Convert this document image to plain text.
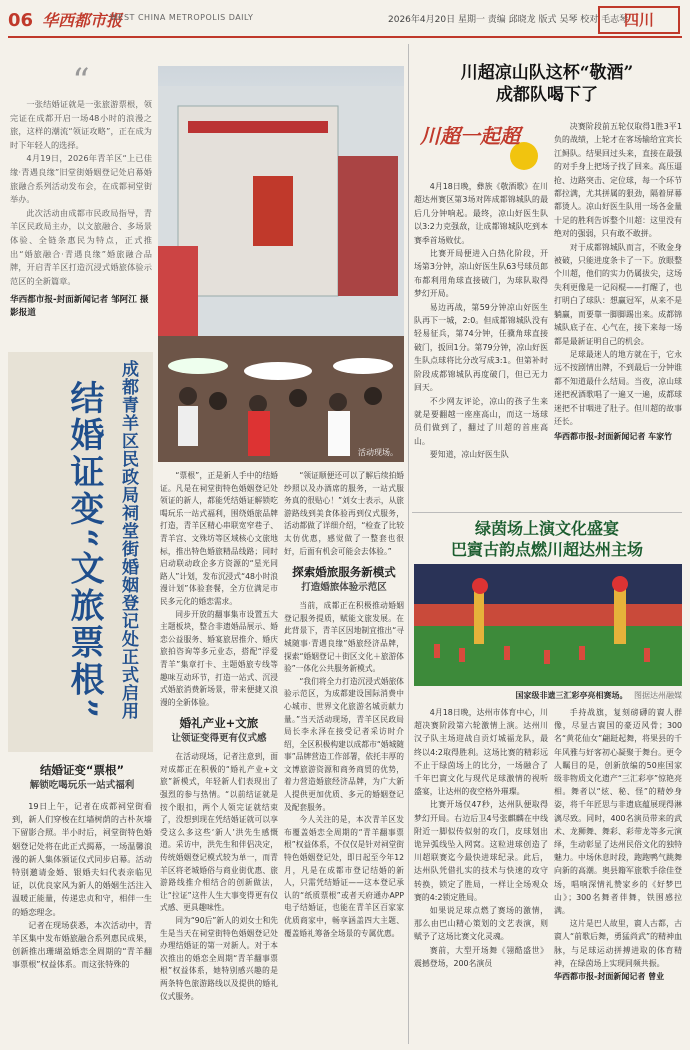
06 华西都市报
WEST CHINA METROPOLIS DAILY	2026年4月20日 星期一 责编 邱晓龙 版式 吴琴 校对 毛志琴
四川
“

一张结婚证就是一张旅游票根，领完证在成都开启一场48小时的浪漫之旅，这样的潮流“领证攻略”，正在成为时下年轻人的选择。

4月19日，2026年青羊区“上已佳缘·青遇良缘”旧堂街婚姻登记处启幕婚旅融合系列活动发布会，在成都祠堂街举办。

此次活动由成都市民政局指导，青羊区民政局主办，以文旅融合、多场景体验、全链条惠民为特点，正式推出“婚旅融合·青遇良缘”婚旅融合品牌，开启青羊区打造沉浸式婚旅体验示范区的全新篇章。

华西都市报-封面新闻记者 邹阿江 摄影报道
活动现场。
成都青羊区民政局祠堂街婚姻登记处正式启用
结婚证变“文旅票根”
结婚证变“票根”
解锁吃喝玩乐一站式福利

19日上午，记者在成都祠堂街看到，新人们穿梭在红墙树荫的古朴灰墙下留影合照。半小时后，祠堂街特色婚姻登记处将在此正式揭幕，一场温馨浪漫的新人集体颁证仪式同步启幕。活动特别邀请金婚、银婚夫妇代表亲临见证，以优良家风为新人的婚姻生活注入温暖正能量，传递忠贞和守，相伴一生的婚恋理念。

记者在现场获悉，本次活动中，青羊区集中发布婚旅融合系列惠民成果，创新推出珊瑚盈婚恋全周期的“青羊翻事票根”权益体系。而这张特殊的

“票根”，正是新人手中的结婚证。凡是在祠堂街特色婚姻登记处领证的新人，都能凭结婚证解锁吃喝玩乐一站式福利，围绕婚旅品牌打造，青羊区精心串联宽窄巷子、青羊宫、文殊坊等区域核心文旅地标，推出特色婚旅精品线路；同时启动联动政企多方资源的“星光同路人”计划，发布沉浸式“48小时浪漫计划”体验套餐，全方位满足市民多元化的婚恋需求。

同步开放的翻事集市设置五大主题板块，整合非遗婚品展示、婚恋公益服务、婚宴旅居推介、婚庆旅拍咨询等多元业态，搭配“浮爱青羊”集章打卡、主题婚旅专线等趣味互动环节，打造一站式、沉浸式婚旅消费新场景，带来便捷又浪漫的全新体验。

婚礼产业+文旅
让领证变得更有仪式感

在活动现场，记者注意到，面对成都正在积极的“婚礼产业+文旅”新模式，年轻新人们表现出了强烈的参与热情。“以前结证就是按个眼扣，两个人领完证就结束了，没想到现在凭结婚证就可以享受这么多这些‘新人’洪先生感慨道。采访中，洪先生和伴侣决定，传统婚姻登记模式较为单一，而青羊区将老城婚俗与商业街优惠、旅游路线推介相结合的创新做法，让“拉证”这件人生大事变得更有仪式感、更具趣味性。

同为“90后”新人的刘女士和先生是当天在祠堂街特色婚姻登记处办理结婚证的第一对新人。对于本次推出的婚恋全周期“青羊翻事票根”权益体系，她特别感兴趣的是两条特色旅游路线以及提供的婚礼仪式服务。

“领证顺便还可以了解后续拍婚纱照以及办酒席的服务，一站式服务真的很贴心！”刘女士表示，从旅游路线到美食体验再到仪式服务，活动都做了详细介绍，“检查了比较太仿优惠，感觉做了一整套也很好，后面有机会可能会去体验。”

探索婚旅服务新模式
打造婚旅体验示范区

当前，成都正在积极推动婚姻登记服务提质，赋能文旅发展。在此背景下，青羊区因地制宜推出“寻城随事·青遇良缘”婚旅经济品牌，探索“婚姻登记＋街区文化＋旅游体验”一体化公共服务新模式。

“我们将全力打造沉浸式婚旅体验示范区，为成都建设国际消费中心城市、世界文化旅游名城贡献力量。”当天活动现场，青羊区民政局局长李永泽在接受记者采访时介绍，全区积极构建以成都市“婚城随事”品牌营造工作部署，依托丰厚的文博旅游资源和商务商贸的优势，着力营造婚旅经济品牌，为广大新人提供更加优质、多元的婚姻登记及配套服务。

今人关注的是，本次青羊区发布覆盖婚恋全周期的“青羊翻事票根”权益体系，不仅仅是针对祠堂街特色婚姻登记处，即日起至今年12月，凡是在成都市登记结婚的新人，只需凭结婚证——这本登记承认的“纸质票根”或者天府通办APP电子结婚证，也能在青羊区百家家优质商家中，畅享涵盖四大主题、覆盖婚礼筹备全场景的专属优惠。

川超凉山队这杯“敬酒”
成都队喝下了
川超一起超

4月18日晚，彝族《敬酒歌》在川超达州赛区第3场对阵成都锦城队的最后几分钟响起。最终，凉山好医生队以3:2力克强敌，让成都锦城队吃到本赛季首场败仗。

比赛开局便进入白热化阶段，开场第3分钟，凉山好医生队63号球员郎布都利用角球直接破门，为球队取得梦幻开局。

易边再战，第59分钟凉山好医生队再下一城，2:0。但成都锦城队没有轻易征兵，第74分钟，任骥角球直接破门，扳回1分。第79分钟，凉山好医生队点球将比分改写成3:1。但第补时阶段成都锦城队再度破门，但已无力回天。

不少网友评论，凉山的孩子生来就是要翻越一座座高山，而这一场球员们做到了，翻过了川超的首座高山。

要知道，凉山好医生队

决赛阶段前五轮仅取得1胜3平1负的战绩，上轮才在客场输给宜宾长江鲟队。结果回过头来，直接在最强的对手身上把场子找了回来。高压逼抢、边路突击、定位球，每一个环节都拉满，尤其拼属的狠劲，隔着屏幕都烫人。凉山好医生队用一场各金量十足的胜利告诉整个川超：这里没有绝对的强弱，只有敢不敢拼。

对于成都锦城队而言，不败金身被破，只能进度条卡了一下。放眼整个川超，他们的实力仍属拔尖，这场失利更像是一记闷棍——打醒了，也打明白了球队：想赢冠军，从来不是躺赢，而要靠一脚脚踢出来。成都锦城队底子在、心气在，接下来每一场都是最新证明自己的机会。

足球最迷人的地方就在于，它永远不按剧情出牌，不到最后一分钟谁都不知道最什么结局。当夜，凉山球迷把祝酒歌唱了一遍又一遍，成都球迷把不甘咽进了肚子。但川超的故事还长。

华西都市报-封面新闻记者 车家竹
绿茵场上演文化盛宴
巴賨古韵点燃川超达州主场
国家级非遗三汇彩亭亮相赛场。 图据达州融媒

4月18日晚，达州市体育中心，川超决赛阶段第六轮激情上演。达州川汉子队主场迎战自贡灯城福龙队，最终以4:2取得胜利。这场比赛的精彩远不止于绿茵场上的比分，一场融合了千年巴賨文化与现代足球激情的视听盛宴，让达州的夜空格外璀璨。

比赛开场仅47秒，达州队便取得梦幻开局。右边后卫4号张麒麟在中线附近一脚似传似射的攻门，皮球划出诡异弧线坠入网窝。这粒进球创造了川超联赛迄今最快进球纪录。此后，达州队凭借扎实的技术与快速的攻守转换，锁定了胜局，一样让全场观众赛的4:2锁定胜局。

如果说足球点燃了赛场的激情，那么由巴山精心策划的文艺表演，则赋予了这场比赛文化灵魂。

赛前，大型开场舞《翎酷盛世》震撼登场，200名演员

手持战旗，复刻磅礴的賨人群像，尽显古賨国的豪迈风骨；300名“黄花仙女”翩跹起舞，将果县的千年风雅与好客初心凝聚于舞台。更令人瞩目的是，创新放编的50座国家级非物质文化遗产“三汇彩亭”惊艳亮相。舞者以“炫、秘、怪”的精妙身姿，将千年匠思与非遗底蕴展现得淋漓尽致。同时，400名演员带来的武术、龙狮舞、舞彩、彩带龙等多元演绎，生动彰显了达州民俗文化的独特魅力。中场休息时段，跑跑鸭气跳舞向新的高潮。奥县籍军旅歌手徐佳登场，唱响深情礼赞家乡的《好梦巴山》；300名舞者伴舞，铁围感拉满。

这片是巴人故里，賨人古都，古賨人“前歌后舞，勇猛尚武”的精神血脉，与足球运动拼搏进取的体育精神，在绿茵场上实现同频共振。

华西都市报-封面新闻记者 曾业
